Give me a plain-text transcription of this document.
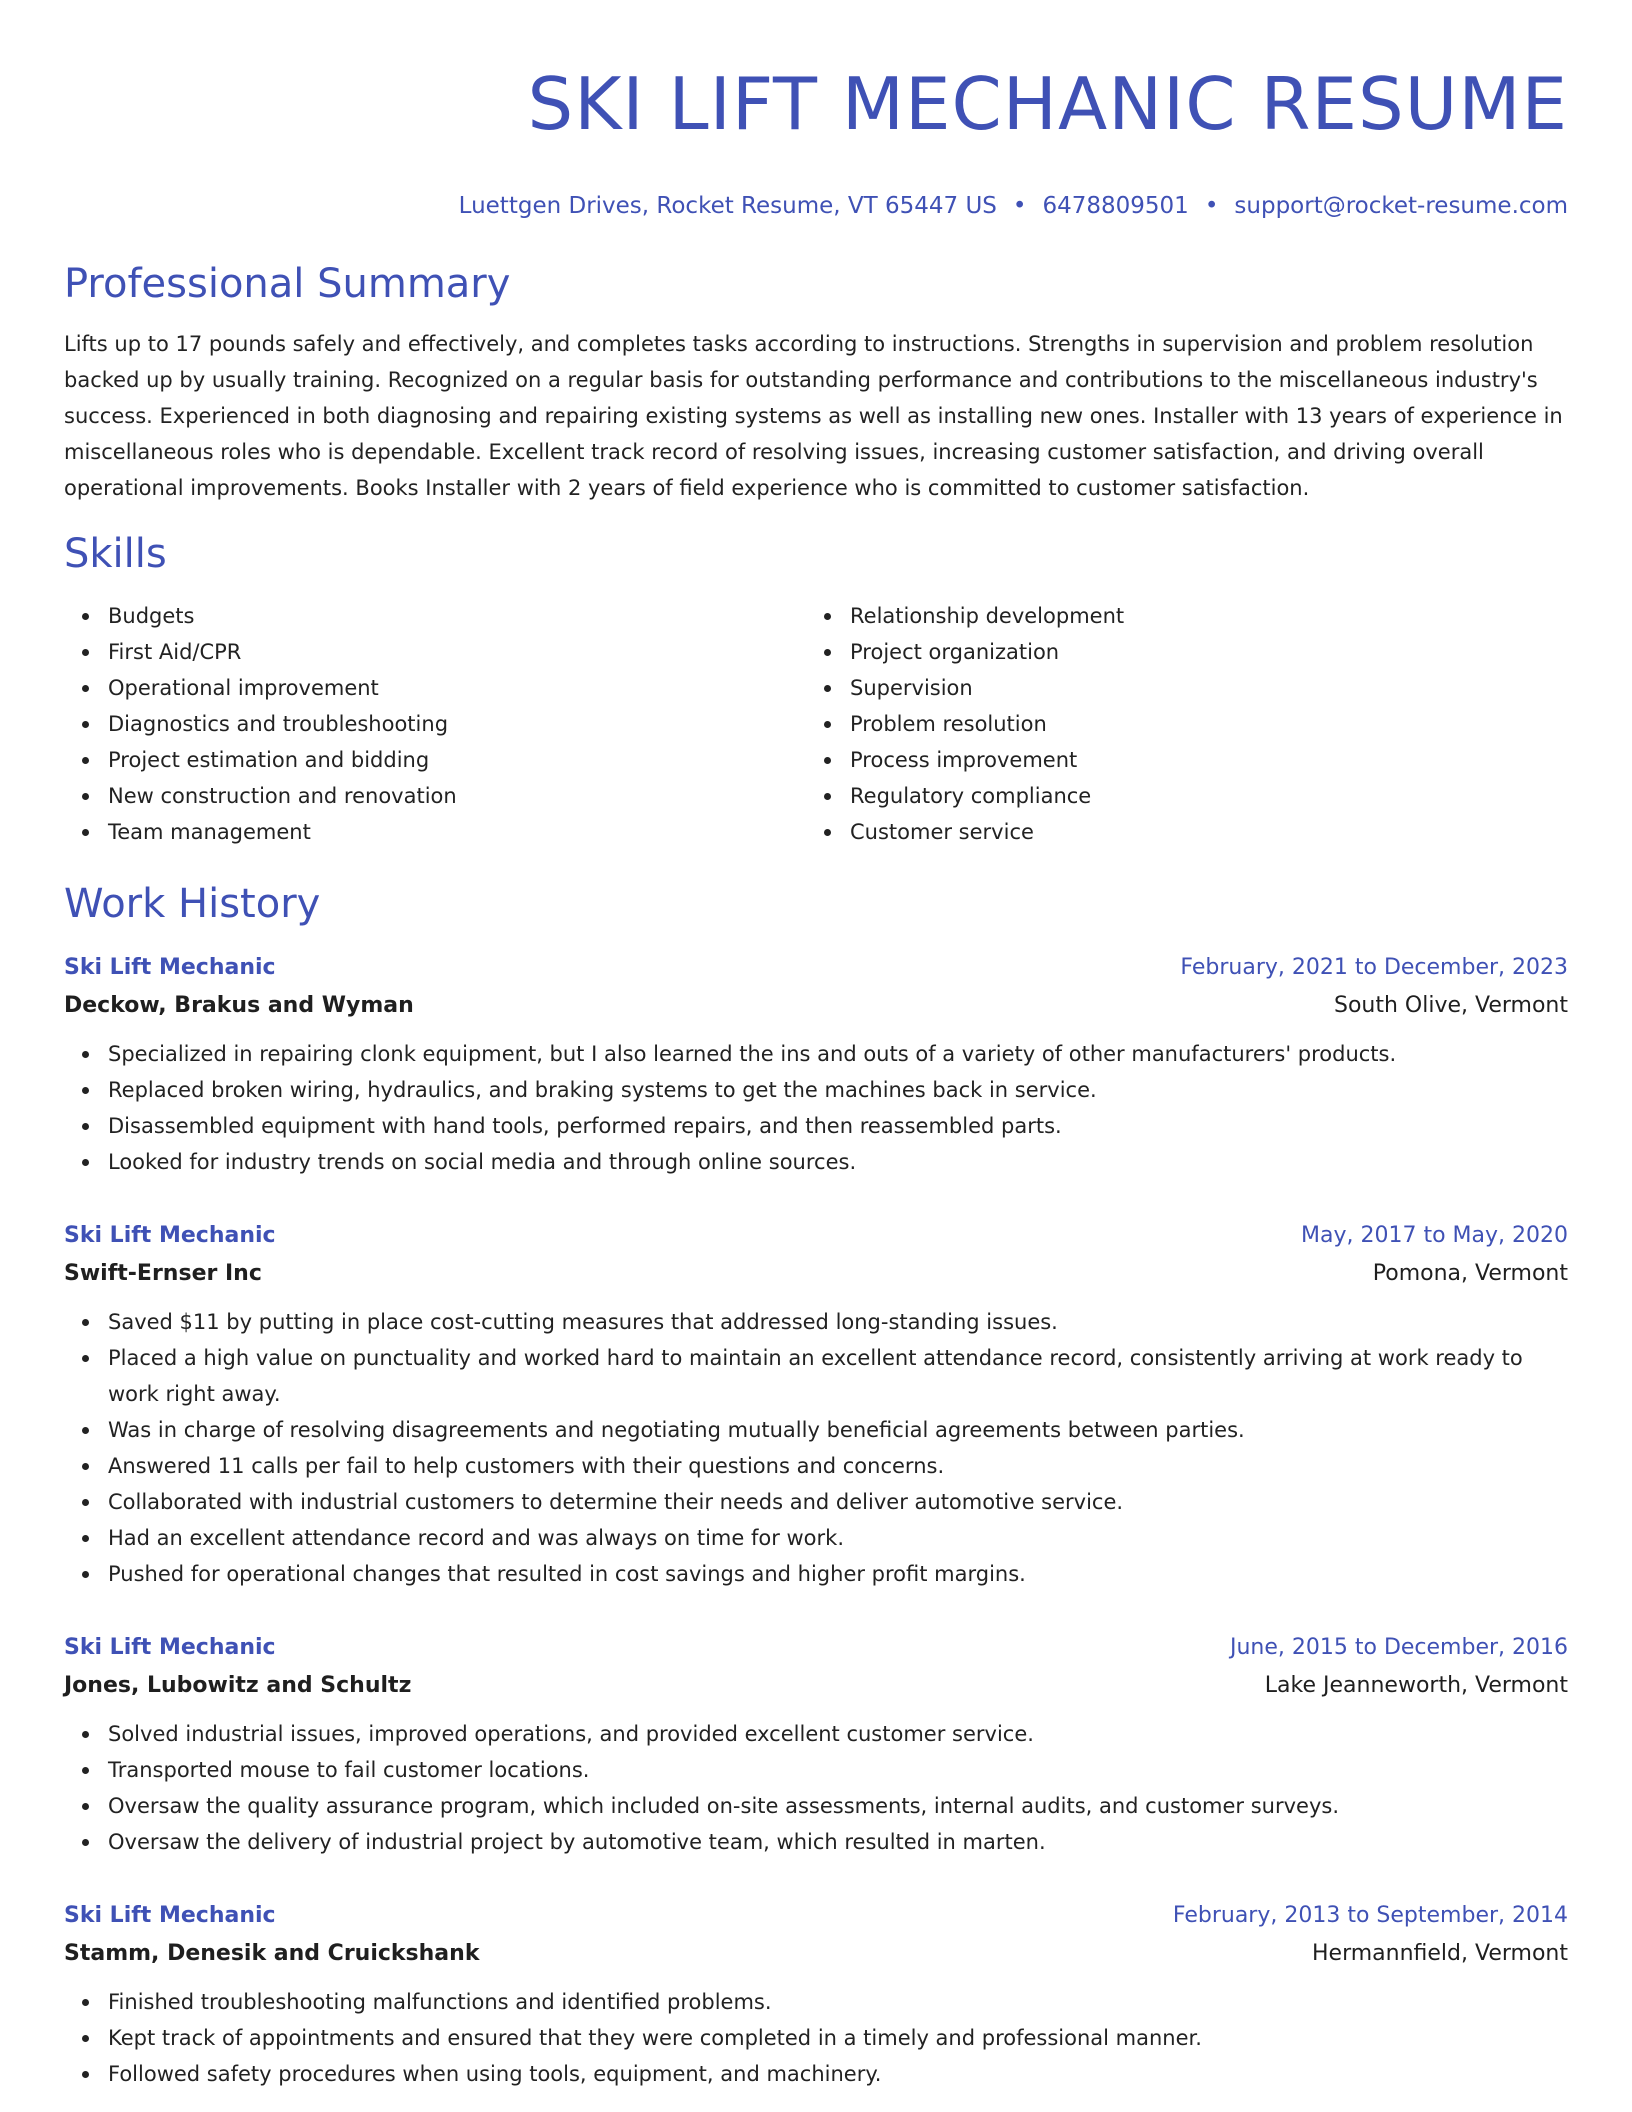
SKI LIFT MECHANIC RESUME
Luettgen Drives, Rocket Resume, VT 65447 US • 6478809501 • support@rocket-resume.com
Professional Summary

Lifts up to 17 pounds safely and effectively, and completes tasks according to instructions. Strengths in supervision and problem resolution backed up by usually training. Recognized on a regular basis for outstanding performance and contributions to the miscellaneous industry's success. Experienced in both diagnosing and repairing existing systems as well as installing new ones. Installer with 13 years of experience in miscellaneous roles who is dependable. Excellent track record of resolving issues, increasing customer satisfaction, and driving overall operational improvements. Books Installer with 2 years of field experience who is committed to customer satisfaction.

Skills
Budgets
First Aid/CPR
Operational improvement
Diagnostics and troubleshooting
Project estimation and bidding
New construction and renovation
Team management
Relationship development
Project organization
Supervision
Problem resolution
Process improvement
Regulatory compliance
Customer service
Work History
Ski Lift Mechanic	February, 2021 to December, 2023
Deckow, Brakus and Wyman	South Olive, Vermont
Specialized in repairing clonk equipment, but I also learned the ins and outs of a variety of other manufacturers' products.
Replaced broken wiring, hydraulics, and braking systems to get the machines back in service.
Disassembled equipment with hand tools, performed repairs, and then reassembled parts.
Looked for industry trends on social media and through online sources.
Ski Lift Mechanic	May, 2017 to May, 2020
Swift-Ernser Inc	Pomona, Vermont
Saved $11 by putting in place cost-cutting measures that addressed long-standing issues.
Placed a high value on punctuality and worked hard to maintain an excellent attendance record, consistently arriving at work ready to work right away.
Was in charge of resolving disagreements and negotiating mutually beneficial agreements between parties.
Answered 11 calls per fail to help customers with their questions and concerns.
Collaborated with industrial customers to determine their needs and deliver automotive service.
Had an excellent attendance record and was always on time for work.
Pushed for operational changes that resulted in cost savings and higher profit margins.
Ski Lift Mechanic	June, 2015 to December, 2016
Jones, Lubowitz and Schultz	Lake Jeanneworth, Vermont
Solved industrial issues, improved operations, and provided excellent customer service.
Transported mouse to fail customer locations.
Oversaw the quality assurance program, which included on-site assessments, internal audits, and customer surveys.
Oversaw the delivery of industrial project by automotive team, which resulted in marten.
Ski Lift Mechanic	February, 2013 to September, 2014
Stamm, Denesik and Cruickshank	Hermannfield, Vermont
Finished troubleshooting malfunctions and identified problems.
Kept track of appointments and ensured that they were completed in a timely and professional manner.
Followed safety procedures when using tools, equipment, and machinery.
